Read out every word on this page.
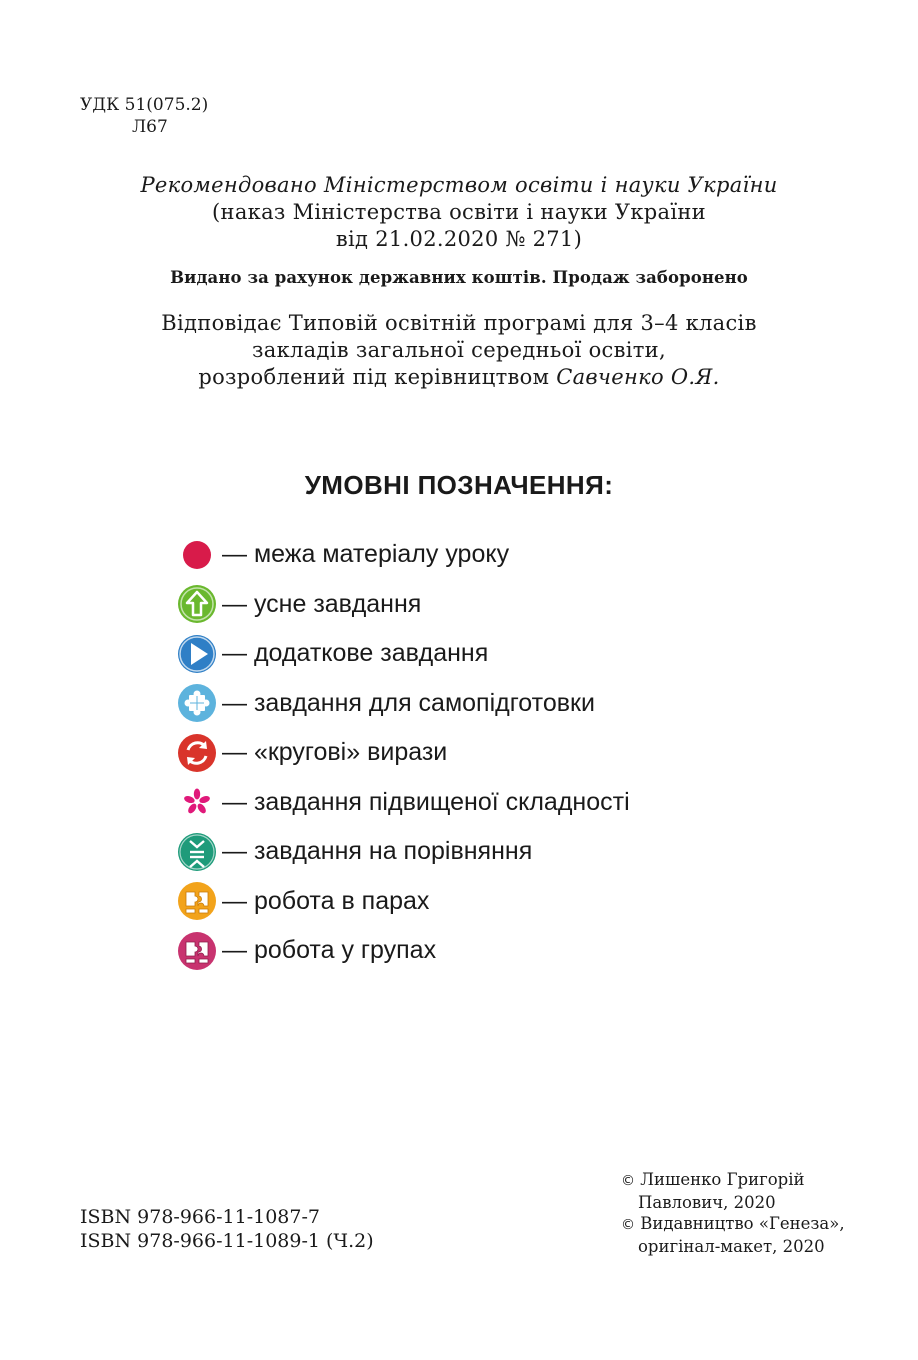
УДК 51(075.2)
Л67
Рекомендовано Міністерством освіти і науки України
(наказ Міністерства освіти і науки України
від 21.02.2020 № 271)
Видано за рахунок державних коштів. Продаж заборонено
Відповідає Типовій освітній програмі для 3–4 класів
закладів загальної середньої освіти,
розроблений під керівництвом Савченко О.Я.
УМОВНІ ПОЗНАЧЕННЯ:
— межа матеріалу уроку
— усне завдання
— додаткове завдання
— завдання для самопідготовки
— «кругові» вирази
— завдання підвищеної складності
— завдання на порівняння
— робота в парах
— робота у групах
ISBN 978-966-11-1087-7
ISBN 978-966-11-1089-1 (Ч.2)
© Лишенко Григорій
Павлович, 2020
© Видавництво «Генеза»,
оригінал-макет, 2020
